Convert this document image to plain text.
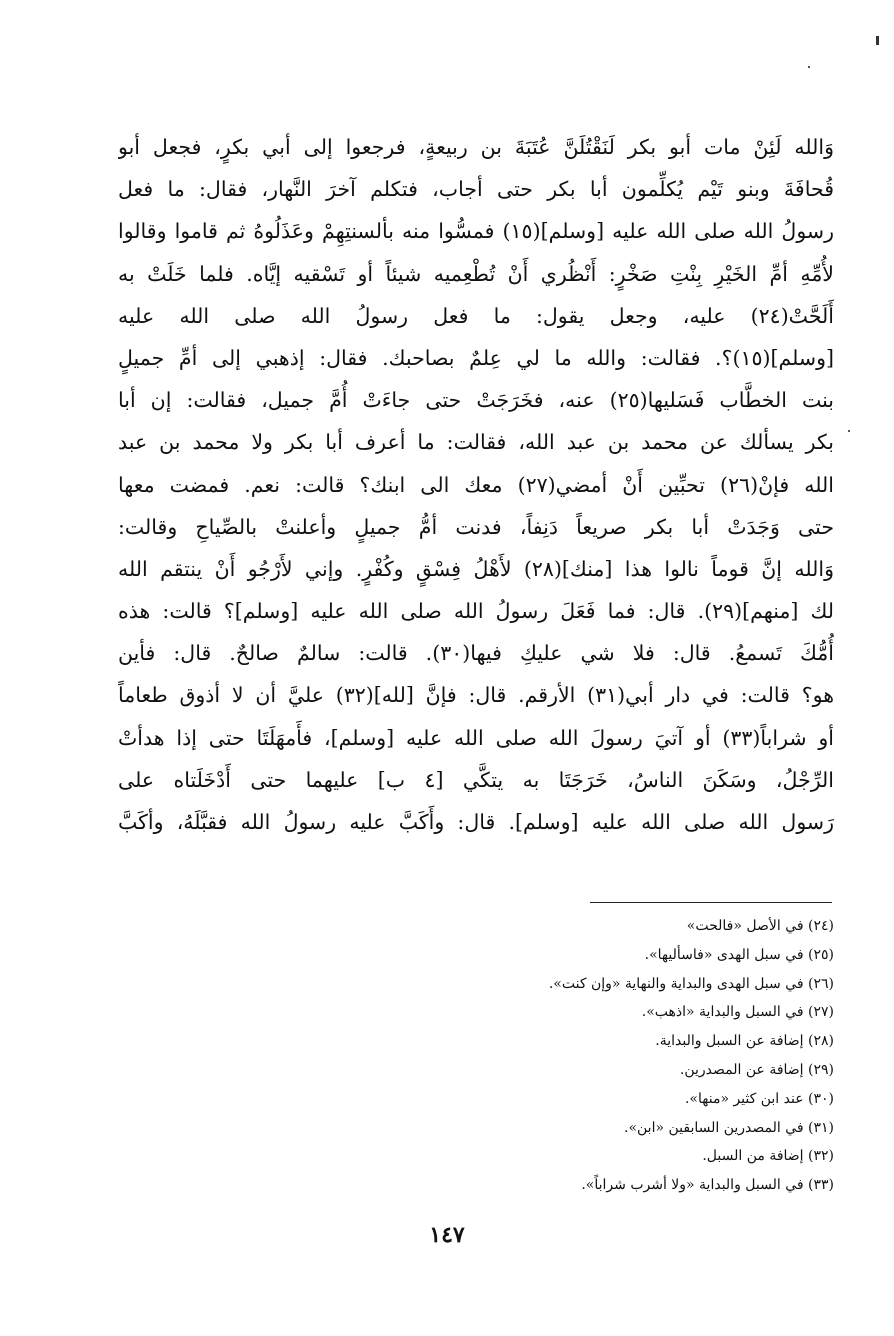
وَالله لَئِنْ مات أبو بكر لَنَقْتُلَنَّ عُتَبَةَ بن ربيعةٍ، فرجعوا إلى أبي بكرٍ، فجعل أبو
قُحافَةَ وبنو تَيْم يُكلِّمون أبا بكر حتى أجاب، فتكلم آخرَ النَّهار، فقال: ما فعل
رسولُ الله صلى الله عليه [وسلم](١٥) فمسُّوا منه بألسنتِهِمْ وعَذَلُوهُ ثم قاموا وقالوا
لأُمِّهِ أمِّ الخَيْرِ بِنْتِ صَخْرٍ: أَنْظُري أَنْ تُطْعِميه شيئاً أو تَسْقيه إيَّاه. فلما خَلَتْ به
أَلَحَّتْ(٢٤) عليه، وجعل يقول: ما فعل رسولُ الله صلى الله عليه
[وسلم](١٥)؟. فقالت: والله ما لي عِلمٌ بصاحبك. فقال: إذهبي إلى أمِّ جميلٍ
بنت الخطَّاب فَسَليها(٢٥) عنه، فخَرَجَتْ حتى جاءَتْ أُمَّ جميل، فقالت: إن أبا
بكر يسألك عن محمد بن عبد الله، فقالت: ما أعرف أبا بكر ولا محمد بن عبد
الله فإنْ(٢٦) تحبِّين أَنْ أمضي(٢٧) معك الى ابنك؟ قالت: نعم. فمضت معها
حتى وَجَدَتْ أبا بكر صريعاً دَنِفاً، فدنت أمُّ جميلٍ وأعلنتْ بالصِّياحِ وقالت:
وَالله إنَّ قوماً نالوا هذا [منك](٢٨) لأَهْلُ فِسْقٍ وكُفْرٍ. وإني لأَرْجُو أَنْ ينتقم الله
لك [منهم](٢٩). قال: فما فَعَلَ رسولُ الله صلى الله عليه [وسلم]؟ قالت: هذه
أُمُّكَ تَسمعُ. قال: فلا شي عليكِ فيها(٣٠). قالت: سالمٌ صالحٌ. قال: فأين
هو؟ قالت: في دار أبي(٣١) الأرقم. قال: فإنَّ [لله](٣٢) عليَّ أن لا أذوق طعاماً
أو شراباً(٣٣) أو آتيَ رسولَ الله صلى الله عليه [وسلم]، فأَمهَلَتَا حتى إذا هدأتْ
الرِّجْلُ، وسَكَنَ الناسُ، خَرَجَتَا به يتكَّي [٤ ب] عليهما حتى أَدْخَلَتاه على
رَسول الله صلى الله عليه [وسلم]. قال: وأَكَبَّ عليه رسولُ الله فقبَّلَهُ، وأكَبَّ
(٢٤) في الأصل «فالحت»
(٢٥) في سبل الهدى «فاسأليها».
(٢٦) في سبل الهدى والبداية والنهاية «وإن كنت».
(٢٧) في السبل والبداية «اذهب».
(٢٨) إضافة عن السبل والبداية.
(٢٩) إضافة عن المصدرين.
(٣٠) عند ابن كثير «منها».
(٣١) في المصدرين السابقين «ابن».
(٣٢) إضافة من السبل.
(٣٣) في السبل والبداية «ولا أشرب شراباً».
١٤٧
